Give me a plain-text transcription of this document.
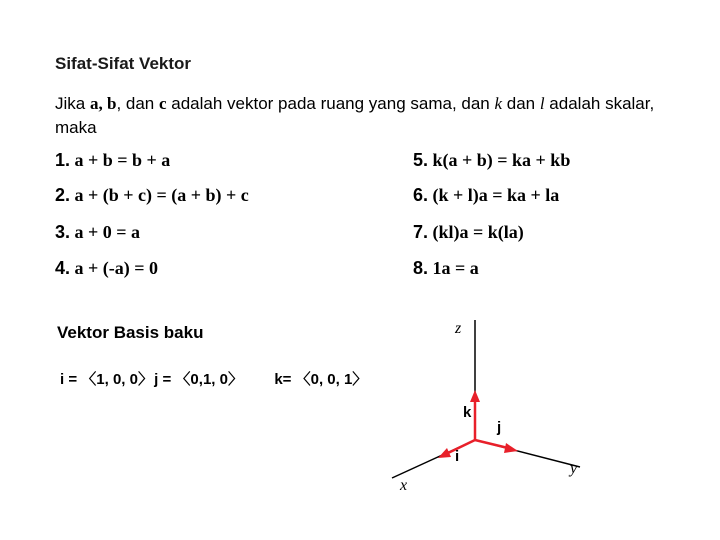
Sifat-Sifat Vektor
Jika a, b, dan c adalah vektor pada ruang yang sama, dan k dan l adalah skalar, maka
1. a + b = b + a
2. a + (b + c) = (a + b) + c
3. a + 0 = a
4. a + (-a) = 0
5. k(a + b) = ka + kb
6. (k + l)a = ka + la
7. (kl)a = k(la)
8. 1a = a
Vektor Basis baku
i = 〈1, 0, 0〉 j = 〈0,1, 0〉 k= 〈0, 0, 1〉
z
y
x
k
j
i
